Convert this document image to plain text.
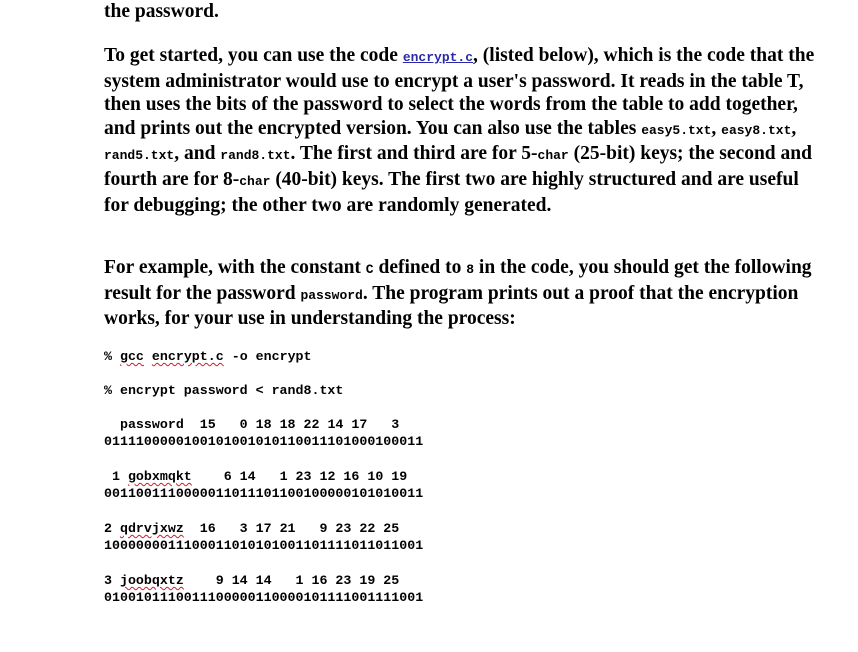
the password.

To get started, you can use the code encrypt.c, (listed below), which is the code that the system administrator would use to encrypt a user's password. It reads in the table T, then uses the bits of the password to select the words from the table to add together, and prints out the encrypted version. You can also use the tables easy5.txt, easy8.txt, rand5.txt, and rand8.txt. The first and third are for 5-char (25-bit) keys; the second and fourth are for 8-char (40-bit) keys. The first two are highly structured and are useful for debugging; the other two are randomly generated.

For example, with the constant C defined to 8 in the code, you should get the following result for the password password. The program prints out a proof that the encryption works, for your use in understanding the process:

% gcc encrypt.c -o encrypt
% encrypt password < rand8.txt
password  15   0 18 18 22 14 17   3
0111100000100101001010110011101000100011
1 gobxmqkt    6 14   1 23 12 16 10 19
0011001110000011011101100100000101010011
2 qdrvjxwz  16   3 17 21   9 23 22 25
1000000011100011010101001101111011011001
3 joobqxtz    9 14 14   1 16 23 19 25
0100101110011100000110000101111001111001
